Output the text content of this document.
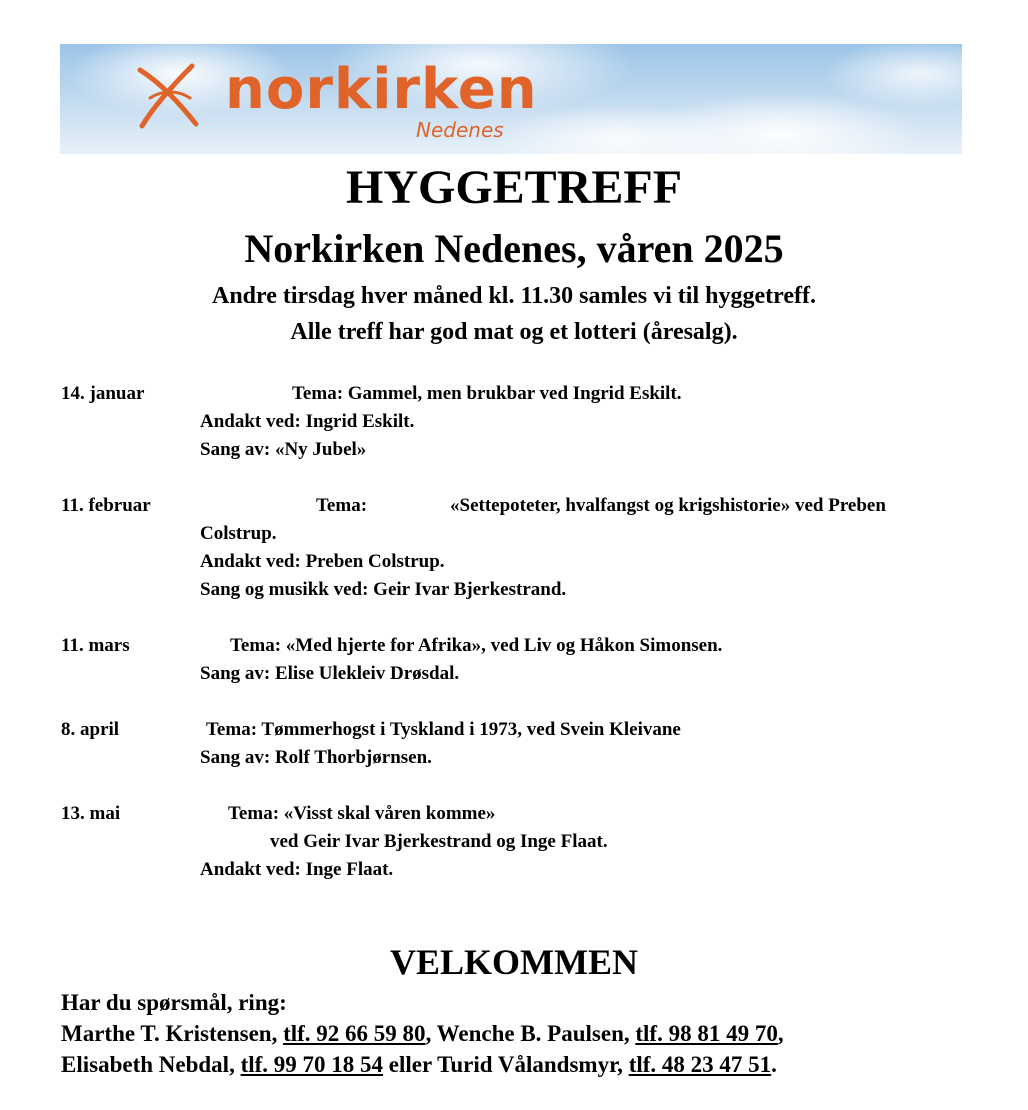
norkirken
Nedenes
HYGGETREFF
Norkirken Nedenes, våren 2025
Andre tirsdag hver måned kl. 11.30 samles vi til hyggetreff.
Alle treff har god mat og et lotteri (åresalg).
14. januar	Tema: Gammel, men brukbar ved Ingrid Eskilt.
Andakt ved: Ingrid Eskilt.
Sang av: «Ny Jubel»
11. februar	Tema:	«Settepoteter, hvalfangst og krigshistorie» ved Preben
Colstrup.
Andakt ved: Preben Colstrup.
Sang og musikk ved: Geir Ivar Bjerkestrand.
11. mars	Tema: «Med hjerte for Afrika», ved Liv og Håkon Simonsen.
Sang av: Elise Ulekleiv Drøsdal.
8. april	Tema: Tømmerhogst i Tyskland i 1973, ved Svein Kleivane
Sang av: Rolf Thorbjørnsen.
13. mai	Tema: «Visst skal våren komme»
ved Geir Ivar Bjerkestrand og Inge Flaat.
Andakt ved: Inge Flaat.
VELKOMMEN
Har du spørsmål, ring:
Marthe T. Kristensen, tlf. 92 66 59 80, Wenche B. Paulsen, tlf. 98 81 49 70,
Elisabeth Nebdal, tlf. 99 70 18 54 eller Turid Vålandsmyr, tlf. 48 23 47 51.
